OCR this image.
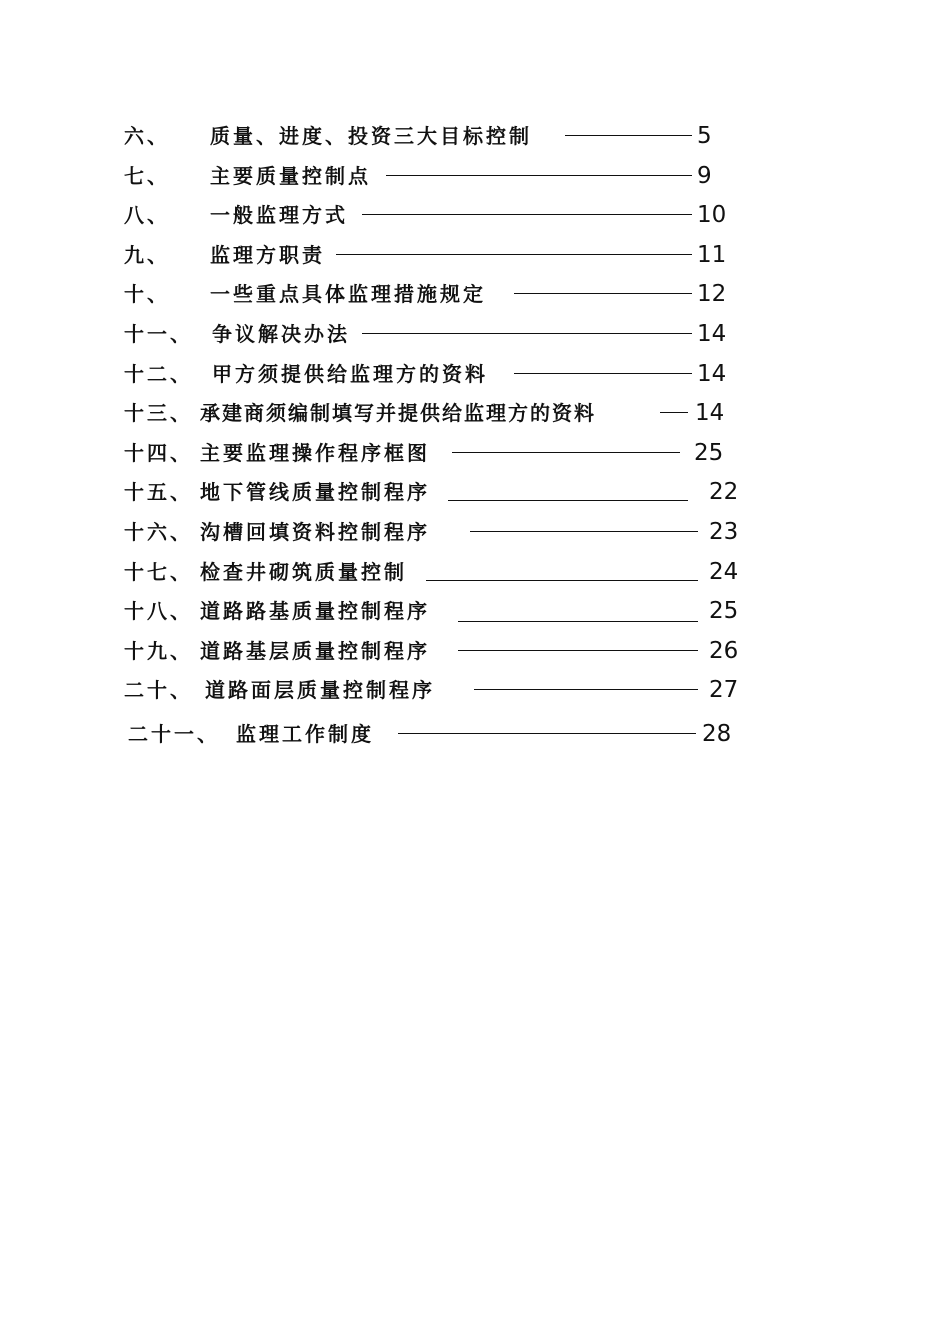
六、 质量、进度、投资三大目标控制	5
七、 主要质量控制点	9
八、 一般监理方式	10
九、 监理方职责	11
十、 一些重点具体监理措施规定	12
十一、 争议解决办法	14
十二、 甲方须提供给监理方的资料	14
十三、 承建商须编制填写并提供给监理方的资料	14
十四、 主要监理操作程序框图	25
十五、 地下管线质量控制程序	22
十六、 沟槽回填资料控制程序	23
十七、 检查井砌筑质量控制	24
十八、 道路路基质量控制程序	25
十九、 道路基层质量控制程序	26
二十、 道路面层质量控制程序	27
二十一、 监理工作制度	28
